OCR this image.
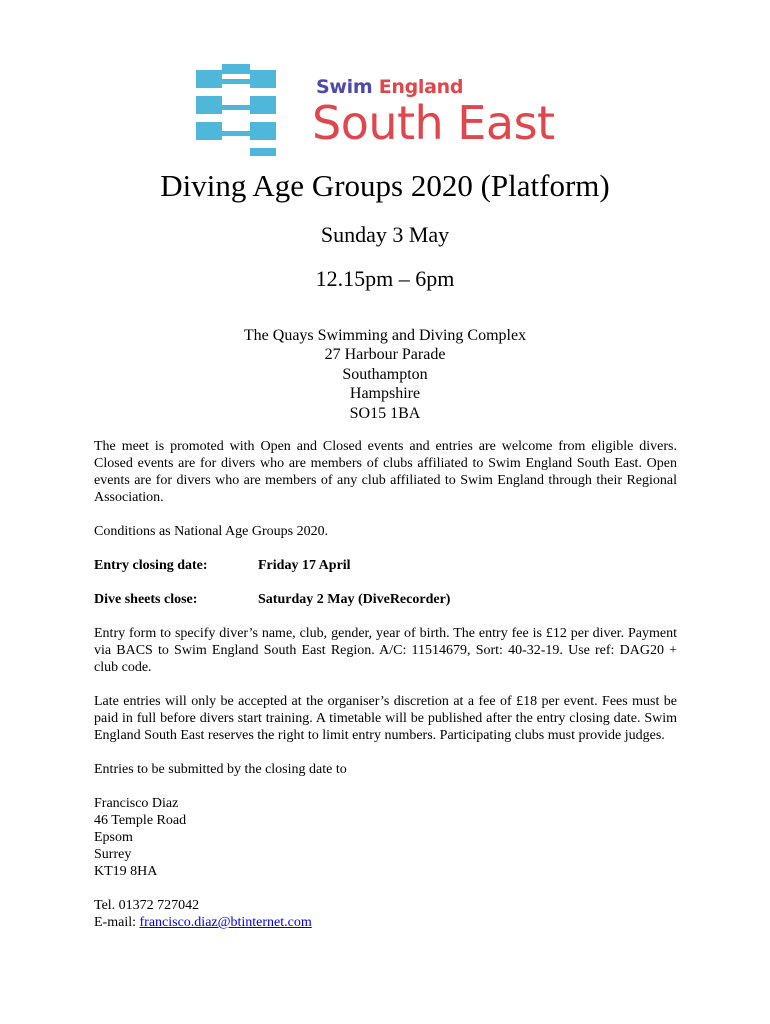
Swim England
South East
Diving Age Groups 2020 (Platform)
Sunday 3 May
12.15pm – 6pm
The Quays Swimming and Diving Complex
27 Harbour Parade
Southampton
Hampshire
SO15 1BA

The meet is promoted with Open and Closed events and entries are welcome from eligible divers. Closed events are for divers who are members of clubs affiliated to Swim England South East. Open events are for divers who are members of any club affiliated to Swim England through their Regional Association.

Conditions as National Age Groups 2020.

Entry closing date:	Friday 17 April
Dive sheets close:	Saturday 2 May (DiveRecorder)

Entry form to specify diver’s name, club, gender, year of birth. The entry fee is £12 per diver. Payment via BACS to Swim England South East Region. A/C: 11514679, Sort: 40-32-19. Use ref: DAG20 + club code.

Late entries will only be accepted at the organiser’s discretion at a fee of £18 per event. Fees must be paid in full before divers start training. A timetable will be published after the entry closing date. Swim England South East reserves the right to limit entry numbers. Participating clubs must provide judges.

Entries to be submitted by the closing date to

Francisco Diaz
46 Temple Road
Epsom
Surrey
KT19 8HA
Tel. 01372 727042
E-mail: francisco.diaz@btinternet.com
